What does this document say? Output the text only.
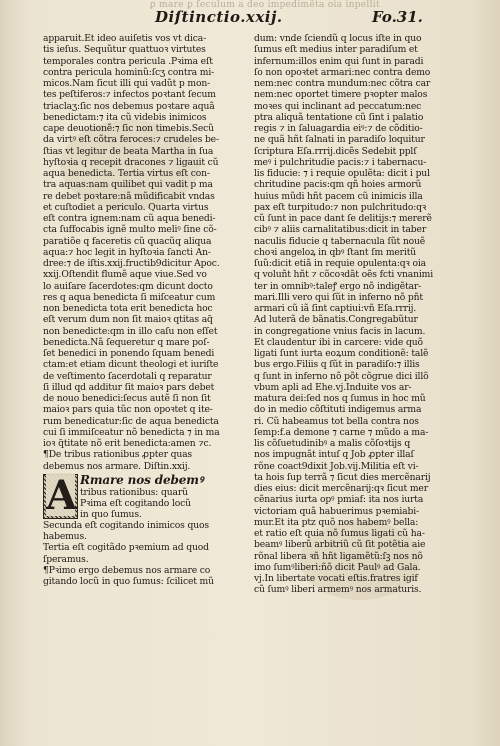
ꝑ mare ꝑ ſeculum a deo impedimẽta oia inpellit
Diſtinctio.xxij.	Fo.31.
apparuit.Et ideo auiſetis vos vt dica-
tis ieſus. Sequũtur quattuoꝛ virtutes
temporales contra pericula .Pꝛima eſt
contra pericula hominũ:ſcʒ contra mi-
micos.Nam ſicut illi qui vadũt p mon-
tes peſtiferos:⁊ infectos poꝛtant ſecum
triaclaʒ:ſic nos debemus poꝛtare aquã
benedictam:⁊ ita cũ videbis inimicos
cape deuotionẽ:⁊ ſic non timebis.Secũ
da virtꝰ eſt cõtra feroces:⁊ crudeles be-
ſtias vt legitur de beata Martha in ſua
hyſtoꝛia q recepit dracones ⁊ ligauit cũ
aqua benedicta. Tertia virtus eſt con-
tra aquas:nam quilibet qui vadit p ma
re debet poꝛtare:nã mũdificabit vndas
et cuſtodiet a periculo. Quarta virtus
eſt contra ignem:nam cũ aqua benedi-
cta ſuffocabis ignẽ multo meliꝰ ſine cõ-
paratiõe q faceretis cũ quacũq aliqua
aqua:⁊ hoc legit in hyſtoꝛia ſancti An-
dree:⁊ de iſtis.xxij.fructib9dicitur Apoc.
xxij.Oſtendit flumẽ aque viue.Sed vo
lo auiſare ſacerdotes:qm dicunt docto
res q aqua benedicta ſi miſceatur cum
non benedicta tota erit benedicta hoc
eſt verum dum non ſit maioꝛ qtitas aq̃
non benedicte:qm in illo caſu non eſſet
benedicta.Nã ſequeretur q mare poſ-
ſet benedici in ponendo ſquam benedi
ctam:et etiam dicunt theologi et iuriſte
de veſtimento ſacerdotali q reparatur
ſi illud qd additur ſit maioꝛ pars debet
de nouo benedici:ſecus autẽ ſi non ſit
maioꝛ pars quia tũc non opoꝛtet q ite-
rum benedicatur:ſic de aqua benedicta
cui ſi immiſceatur nõ benedicta ⁊ in ma
ioꝛ q̃titate nõ erit benedicta:amen ⁊c.
¶De tribus rationibus ꝓpter quas
debemus nos armare. Diſtin.xxij.
A Rmare nos debemꝰ
tribus rationibus: quarũ
Pꝛima eſt cogitando locũ
in quo ſumus.
Secunda eſt cogitando inimicos quos
habemus.
Tertia eſt cogitãdo pꝛemium ad quod
ſperamus.
¶Pꝛimo ergo debemus nos armare co
gitando locũ in quo ſumus: ſcilicet mũ
dum: vnde ſciendũ q locus iſte in quo
ſumus eſt medius inter paradiſum et
infernum:illos enim qui ſunt in paradi
ſo non opoꝛtet armari:nec contra demo
nem:nec contra mundum:nec cõtra car
nem:nec oportet timere pꝛopter malos
moꝛes qui inclinant ad peccatum:nec
ptra aliquã tentatione cũ ſint i palatio
regis ⁊ in ſaluagardia eiꝰ:⁊ de cõditio-
ne quã hñt ſalnati in paradiſo loquitur
ſcriptura Eſa.rrrij.dicẽs Sedebit pplſ
meꝰ i pulchritudie pacis:⁊ i tabernacu-
lis fiducie: ⁊ i requie opulẽta: dicit i pul
chritudine pacis:qm qñ hoies armorũ
huius mũdi hñt pacem cũ inimicis illa
pax eſt turpitudo:⁊ non pulchritudo:qꝛ
cũ ſunt in pace dant ſe delitijs:⁊ mererẽ
cibꝰ ⁊ aliis carnalitatibus:dicit in taber
naculis fiducie q tabernacula ſũt nouẽ
choꝛi angeloꝝ in qbꝰ ſtant ſm meritũ
ſuũ:dicit etiã in requie opulenta:qꝛ oia
q voluñt hñt ⁊ cõcoꝛdãt oẽs fcti vnanimi
ter in omnibꝰ:taleꝭ ergo nõ indigẽtar-
mari.Illi vero qui ſũt in inferno nõ pñt
armari cũ iã ſint captiui:vñ Eſa.rrrij.
Ad luterã de bãnatis.Congregabũtur
in congregatione vnius facis in lacum.
Et claudentur ibi in carcere: vide quõ
ligati ſunt iurta eoꝝum conditionẽ: talẽ
bus ergo.Filiis q ſũt in paradiſo:⁊ illis
q ſunt in inferno nõ põt cõgrue dici illõ
vbum apli ad Ehe.vj.Induite vos ar-
matura dei:ſed nos q ſumus in hoc mũ
do in medio cõſtituti indigemus arma
ri. Cũ habeamus tot bella contra nos
ſemp:f.a demone ⁊ carne ⁊ mũdo a ma-
lis cõſuetudinibꝰ a malis cõſoꝛtijs q
nos impugnãt intuſ q Job ꝓpter illaſ
rõne coact9dixit Job.vij.Militia eſt vi-
ta hois ſup terrã ⁊ ſicut dies mercẽnarij
dies eius: dicit mercẽnarij:qꝛ ſicut mer
cẽnarius iurta opꝰ pmiaf: ita nos iurta
victoriam quã habuerimus pꝛemiabi-
mur.Et ita ptz quõ nos habemꝰ bella:
et ratio eſt quia nõ ſumus ligati cũ ha-
beamꝰ liberũ arbitriũ cũ ſit potẽtia aie
rõnal libera ꝛñ hñt ligamẽtũ:ſꝫ nos nõ
imo ſumꝰliberi:ñõ dicit Paulꝰ ad Gala.
vj.In libertate vocati eſtis.fratres igif
cũ ſumꝰ liberi armemꝰ nos armaturis.
